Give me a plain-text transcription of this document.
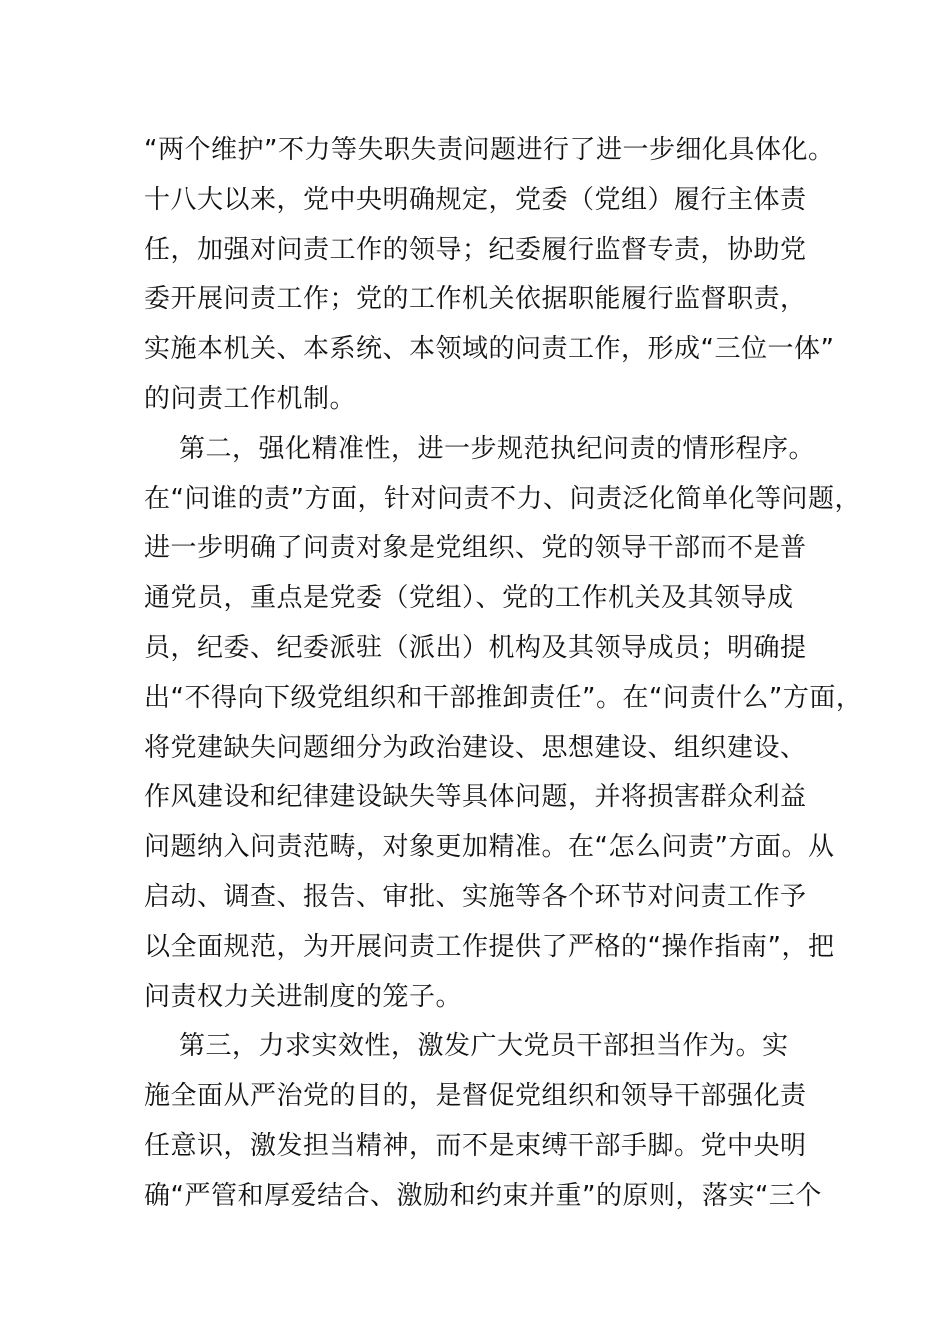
“两个维护”不力等失职失责问题进行了进一步细化具体化。
十八大以来，党中央明确规定，党委（党组）履行主体责
任，加强对问责工作的领导；纪委履行监督专责，协助党
委开展问责工作；党的工作机关依据职能履行监督职责，
实施本机关、本系统、本领域的问责工作，形成“三位一体”
的问责工作机制。
第二，强化精准性，进一步规范执纪问责的情形程序。
在“问谁的责”方面，针对问责不力、问责泛化简单化等问题，
进一步明确了问责对象是党组织、党的领导干部而不是普
通党员，重点是党委（党组）、党的工作机关及其领导成
员，纪委、纪委派驻（派出）机构及其领导成员；明确提
出“不得向下级党组织和干部推卸责任”。在“问责什么”方面，
将党建缺失问题细分为政治建设、思想建设、组织建设、
作风建设和纪律建设缺失等具体问题，并将损害群众利益
问题纳入问责范畴，对象更加精准。在“怎么问责”方面。从
启动、调查、报告、审批、实施等各个环节对问责工作予
以全面规范，为开展问责工作提供了严格的“操作指南”，把
问责权力关进制度的笼子。
第三，力求实效性，激发广大党员干部担当作为。实
施全面从严治党的目的，是督促党组织和领导干部强化责
任意识，激发担当精神，而不是束缚干部手脚。党中央明
确“严管和厚爱结合、激励和约束并重”的原则，落实“三个
